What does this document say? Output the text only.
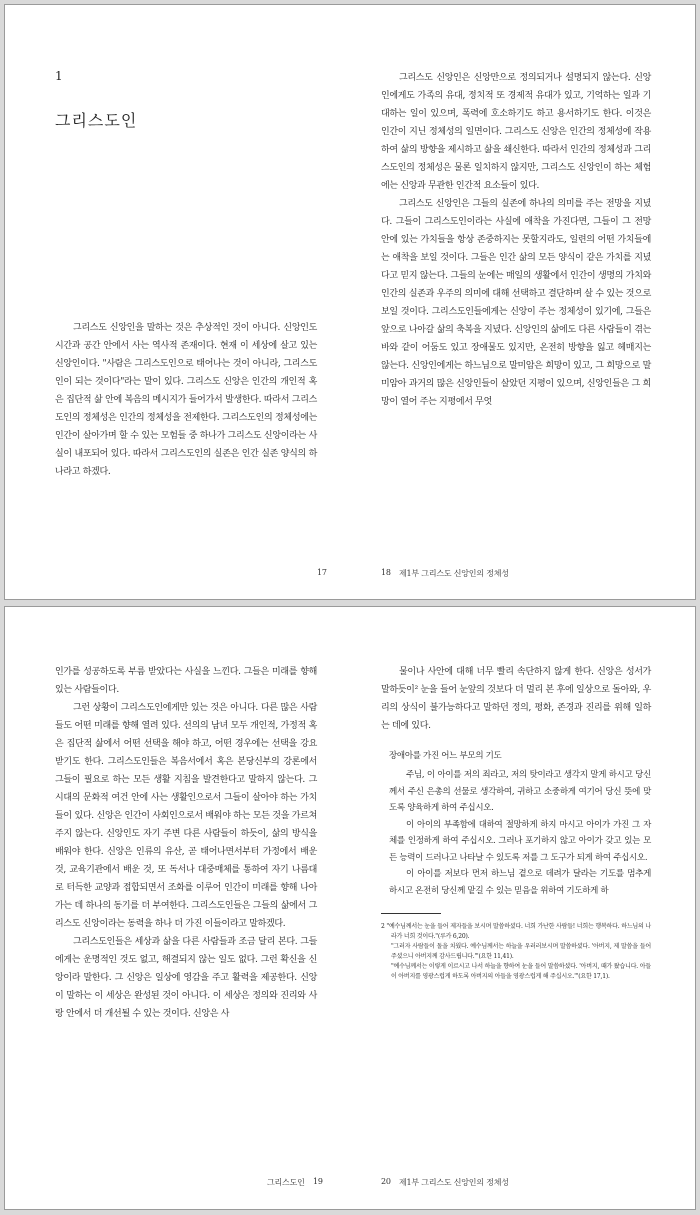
1
그리스도인

그리스도 신앙인을 말하는 것은 추상적인 것이 아니다. 신앙인도 시간과 공간 안에서 사는 역사적 존재이다. 현재 이 세상에 살고 있는 신앙인이다. "사람은 그리스도인으로 태어나는 것이 아니라, 그리스도인이 되는 것이다"라는 말이 있다. 그리스도 신앙은 인간의 개인적 혹은 집단적 삶 안에 복음의 메시지가 들어가서 발생한다. 따라서 그리스도인의 정체성은 인간의 정체성을 전제한다. 그리스도인의 정체성에는 인간이 살아가며 할 수 있는 모험들 중 하나가 그리스도 신앙이라는 사실이 내포되어 있다. 따라서 그리스도인의 실존은 인간 실존 양식의 하나라고 하겠다.

17

그리스도 신앙인은 신앙만으로 정의되거나 설명되지 않는다. 신앙인에게도 가족의 유대, 정치적 또 경제적 유대가 있고, 기억하는 일과 기대하는 일이 있으며, 폭력에 호소하기도 하고 용서하기도 한다. 이것은 인간이 지닌 정체성의 일면이다. 그리스도 신앙은 인간의 정체성에 작용하여 삶의 방향을 제시하고 삶을 쇄신한다. 따라서 인간의 정체성과 그리스도인의 정체성은 물론 일치하지 않지만, 그리스도 신앙인이 하는 체험에는 신앙과 무관한 인간적 요소들이 있다.

그리스도 신앙인은 그들의 실존에 하나의 의미를 주는 전망을 지녔다. 그들이 그리스도인이라는 사실에 애착을 가진다면, 그들이 그 전망 안에 있는 가치들을 항상 존중하지는 못할지라도, 일련의 어떤 가치들에는 애착을 보일 것이다. 그들은 인간 삶의 모든 양식이 같은 가치를 지녔다고 믿지 않는다. 그들의 눈에는 매일의 생활에서 인간이 생명의 가치와 인간의 실존과 우주의 의미에 대해 선택하고 결단하며 살 수 있는 것으로 보일 것이다. 그리스도인들에게는 신앙이 주는 정체성이 있기에, 그들은 앞으로 나아갈 삶의 축복을 지녔다. 신앙인의 삶에도 다른 사람들이 겪는 바와 같이 어둠도 있고 장애물도 있지만, 온전히 방향을 잃고 헤매지는 않는다. 신앙인에게는 하느님으로 말미암은 희망이 있고, 그 희망으로 말미암아 과거의 많은 신앙인들이 살았던 지평이 있으며, 신앙인들은 그 희망이 열어 주는 지평에서 무엇

18 제1부 그리스도 신앙인의 정체성

인가를 성공하도록 부름 받았다는 사실을 느낀다. 그들은 미래를 향해 있는 사람들이다.

그런 상황이 그리스도인에게만 있는 것은 아니다. 다른 많은 사람들도 어떤 미래를 향해 열려 있다. 선의의 남녀 모두 개인적, 가정적 혹은 집단적 삶에서 어떤 선택을 해야 하고, 어떤 경우에는 선택을 강요받기도 한다. 그리스도인들은 복음서에서 혹은 본당신부의 강론에서 그들이 필요로 하는 모든 생활 지침을 발견한다고 말하지 않는다. 그 시대의 문화적 여건 안에 사는 생활인으로서 그들이 살아야 하는 가치들이 있다. 신앙은 인간이 사회인으로서 배워야 하는 모든 것을 가르쳐 주지 않는다. 신앙인도 자기 주변 다른 사람들이 하듯이, 삶의 방식을 배워야 한다. 신앙은 인류의 유산, 곧 태어나면서부터 가정에서 배운 것, 교육기관에서 배운 것, 또 독서나 대중매체를 통하여 자기 나름대로 터득한 교양과 접합되면서 조화를 이루어 인간이 미래를 향해 나아가는 데 하나의 동기를 더 부여한다. 그리스도인들은 그들의 삶에서 그리스도 신앙이라는 동력을 하나 더 가진 이들이라고 말하겠다.

그리스도인들은 세상과 삶을 다른 사람들과 조금 달리 본다. 그들에게는 운명적인 것도 없고, 해결되지 않는 일도 없다. 그런 확신을 신앙이라 말한다. 그 신앙은 일상에 영감을 주고 활력을 제공한다. 신앙이 말하는 이 세상은 완성된 것이 아니다. 이 세상은 정의와 진리와 사랑 안에서 더 개선될 수 있는 것이다. 신앙은 사

그리스도인 19

물이나 사안에 대해 너무 빨리 속단하지 않게 한다. 신앙은 성서가 말하듯이² 눈을 들어 눈앞의 것보다 더 멀리 본 후에 일상으로 돌아와, 우리의 상식이 불가능하다고 말하던 정의, 평화, 존경과 진리를 위해 일하는 데에 있다.

장애아를 가진 어느 부모의 기도

주님, 이 아이를 저의 죄라고, 저의 탓이라고 생각지 말게 하시고 당신께서 주신 은총의 선물로 생각하여, 귀하고 소중하게 여기어 당신 뜻에 맞도록 양육하게 하여 주십시오.

이 아이의 부족함에 대하여 절망하게 하지 마시고 아이가 가진 그 자체를 인정하게 하여 주십시오. 그러나 포기하지 않고 아이가 갖고 있는 모든 능력이 드러나고 나타날 수 있도록 저를 그 도구가 되게 하여 주십시오.

이 아이를 저보다 먼저 하느님 곁으로 데려가 달라는 기도를 멈추게 하시고 온전히 당신께 맡길 수 있는 믿음을 위하여 기도하게 하

2 "예수님께서는 눈을 들어 제자들을 보시며 말씀하셨다. 너희 가난한 사람들! 너희는 행복하다. 하느님의 나라가 너희 것이다."(루카 6,20).

"그러자 사람들이 돌을 치웠다. 예수님께서는 하늘을 우러러보시며 말씀하셨다. '아버지, 제 말씀을 들어주셨으니 아버지께 감사드립니다.'"(요한 11,41).

"예수님께서는 이렇게 이르시고 나서 하늘을 향하여 눈을 들어 말씀하셨다. '아버지, 때가 왔습니다. 아들이 아버지를 영광스럽게 하도록 아버지의 아들을 영광스럽게 해 주십시오.'"(요한 17,1).

20 제1부 그리스도 신앙인의 정체성
